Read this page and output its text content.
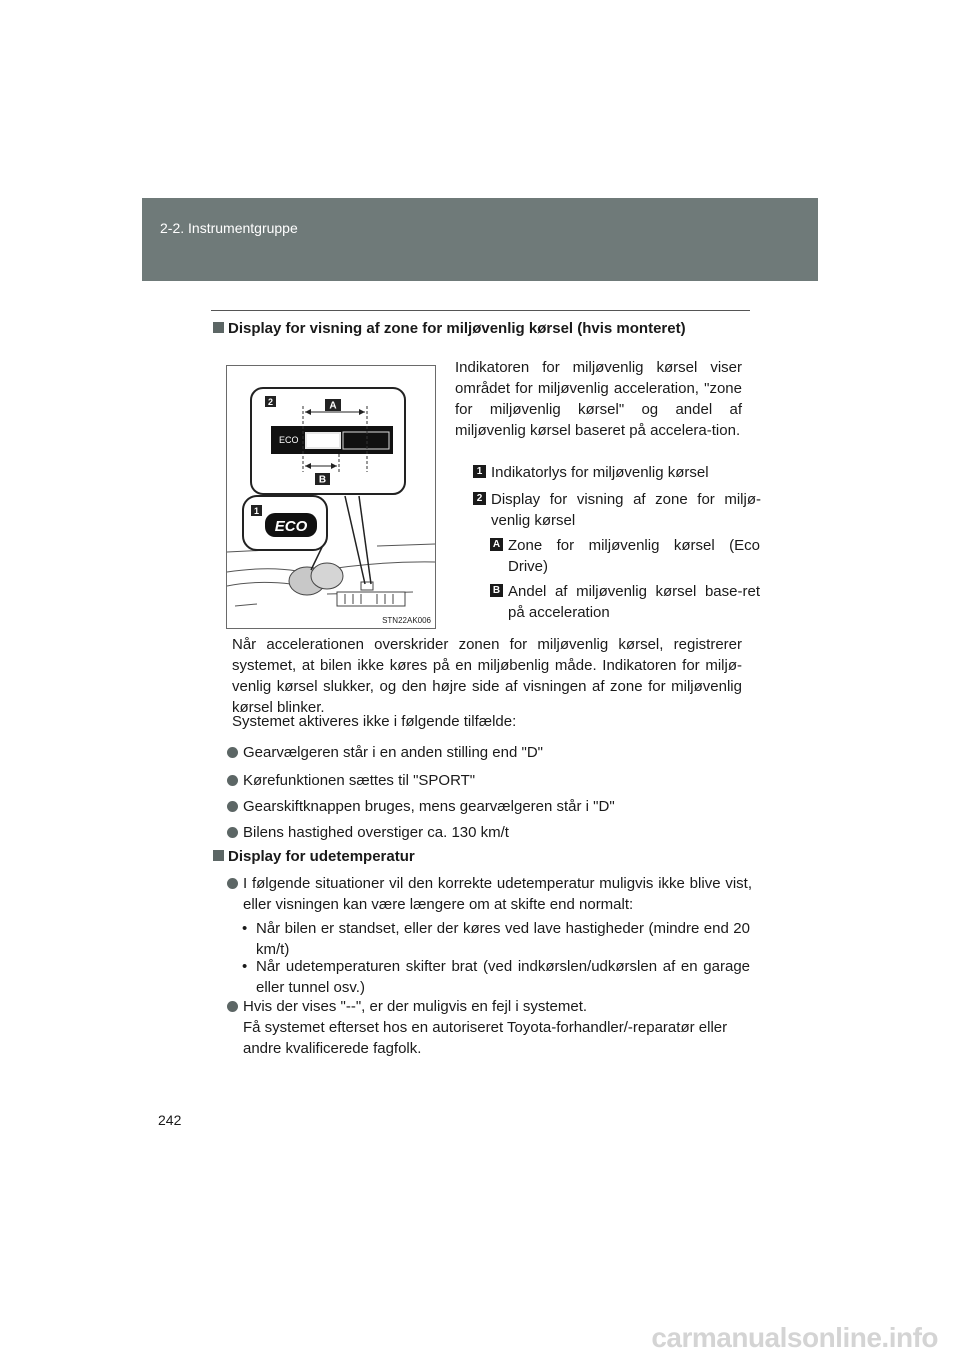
2-2. Instrumentgruppe
Display for visning af zone for miljøvenlig kørsel (hvis monteret)
ECO
2	A
B
1
ECO
STN22AK006
Indikatoren for miljøvenlig kørsel viser området for miljøvenlig acceleration, "zone for miljøvenlig kørsel" og andel af miljøvenlig kørsel baseret på accelera-tion.
1 Indikatorlys for miljøvenlig kørsel
2 Display for visning af zone for miljø-venlig kørsel
A Zone for miljøvenlig kørsel (Eco Drive)
B Andel af miljøvenlig kørsel base-ret på acceleration
Når accelerationen overskrider zonen for miljøvenlig kørsel, registrerer systemet, at bilen ikke køres på en miljøbenlig måde. Indikatoren for miljø-venlig kørsel slukker, og den højre side af visningen af zone for miljøvenlig kørsel blinker.
Systemet aktiveres ikke i følgende tilfælde:
Gearvælgeren står i en anden stilling end "D"
Kørefunktionen sættes til "SPORT"
Gearskiftknappen bruges, mens gearvælgeren står i "D"
Bilens hastighed overstiger ca. 130 km/t
Display for udetemperatur
I følgende situationer vil den korrekte udetemperatur muligvis ikke blive vist, eller visningen kan være længere om at skifte end normalt:
• Når bilen er standset, eller der køres ved lave hastigheder (mindre end 20 km/t)
• Når udetemperaturen skifter brat (ved indkørslen/udkørslen af en garage eller tunnel osv.)
Hvis der vises "--", er der muligvis en fejl i systemet.
Få systemet efterset hos en autoriseret Toyota-forhandler/-reparatør eller andre kvalificerede fagfolk.
242
carmanualsonline.info
